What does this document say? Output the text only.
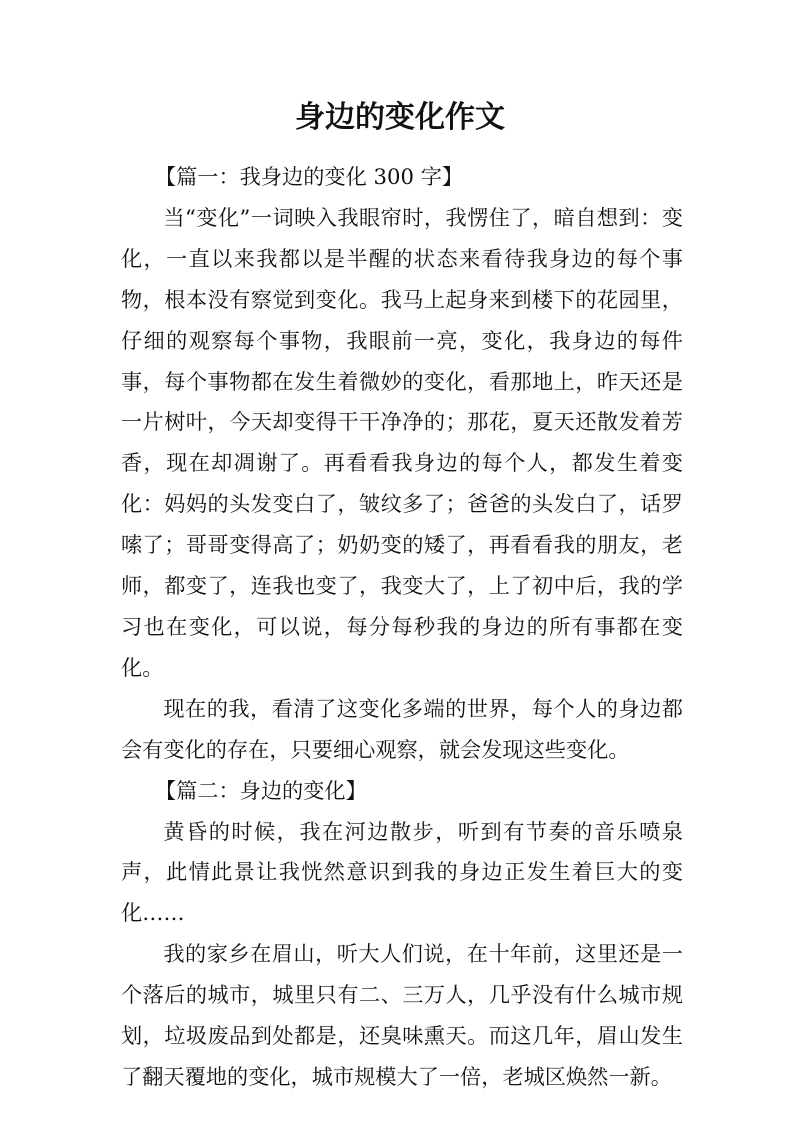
身边的变化作文

【篇一：我身边的变化 300 字】

当“变化”一词映入我眼帘时，我愣住了，暗自想到：变化，一直以来我都以是半醒的状态来看待我身边的每个事物，根本没有察觉到变化。我马上起身来到楼下的花园里，仔细的观察每个事物，我眼前一亮，变化，我身边的每件事，每个事物都在发生着微妙的变化，看那地上，昨天还是一片树叶，今天却变得干干净净的；那花，夏天还散发着芳香，现在却凋谢了。再看看我身边的每个人，都发生着变化：妈妈的头发变白了，皱纹多了；爸爸的头发白了，话罗嗦了；哥哥变得高了；奶奶变的矮了，再看看我的朋友，老师，都变了，连我也变了，我变大了，上了初中后，我的学习也在变化，可以说，每分每秒我的身边的所有事都在变化。

现在的我，看清了这变化多端的世界，每个人的身边都会有变化的存在，只要细心观察，就会发现这些变化。

【篇二：身边的变化】

黄昏的时候，我在河边散步，听到有节奏的音乐喷泉声，此情此景让我恍然意识到我的身边正发生着巨大的变化……

我的家乡在眉山，听大人们说，在十年前，这里还是一个落后的城市，城里只有二、三万人，几乎没有什么城市规划，垃圾废品到处都是，还臭味熏天。而这几年，眉山发生了翻天覆地的变化，城市规模大了一倍，老城区焕然一新。
